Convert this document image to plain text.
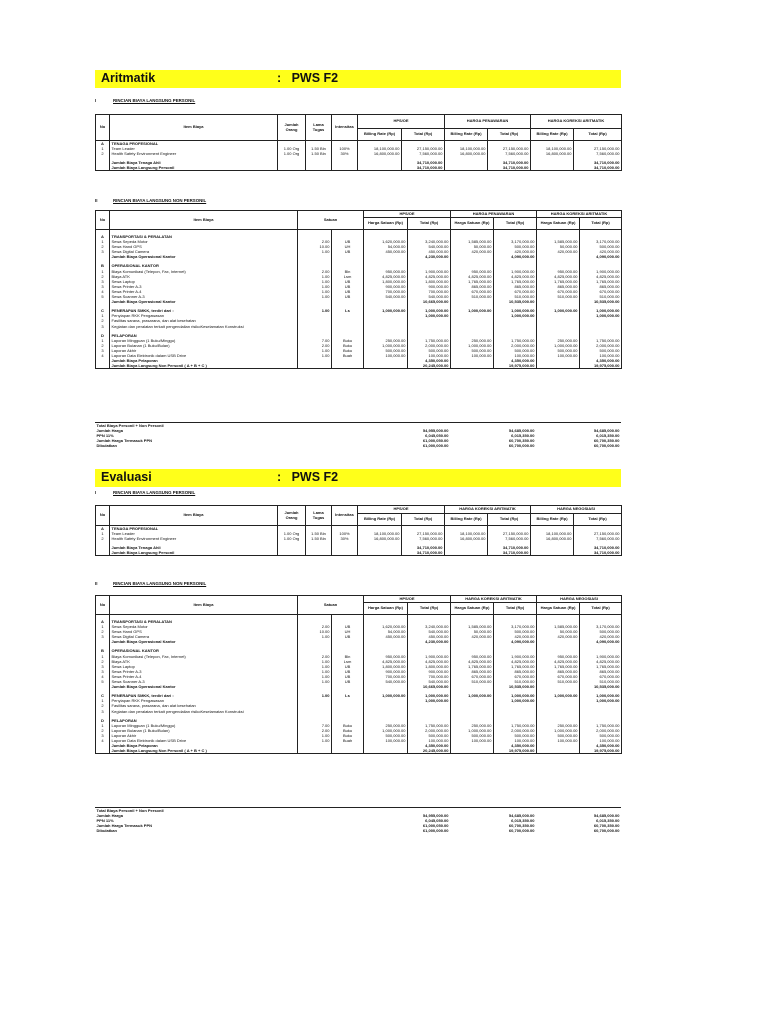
Aritmatik	: PWS F2
I	RINCIAN BIAYA LANGSUNG PERSONIL
No	Item Biaya	Jumlah Orang	Lama Tugas	Intensitas	HPS/OE		HARGA PENAWARAN		HARGA KOREKSI ARITMATIK	
					Billing Rate (Rp)	Total (Rp)	Billing Rate (Rp)	Total (Rp)	Billing Rate (Rp)	Total (Rp)
A	TENAGA PROFESIONAL									
1	Team Leader	1.00 Org	1.50 Bln	100%	18,100,000.00	27,150,000.00	18,100,000.00	27,150,000.00	18,100,000.00	27,150,000.00
2	Health Safety Environment Engineer	1.00 Org	1.50 Bln	30%	16,800,000.00	7,560,000.00	16,800,000.00	7,560,000.00	16,800,000.00	7,560,000.00

	Jumlah Biaya Tenaga Ahli					34,710,000.00		34,710,000.00		34,710,000.00
	Jumlah Biaya Langsung Personil					34,710,000.00		34,710,000.00		34,710,000.00
II	RINCIAN BIAYA LANGSUNG NON PERSONIL
No	Item Biaya	Satuan		HPS/OE		HARGA PENAWARAN		HARGA KOREKSI ARITMATIK	
				Harga Satuan (Rp)	Total (Rp)	Harga Satuan (Rp)	Total (Rp)	Harga Satuan (Rp)	Total (Rp)

A	TRANSPORTASI & PERALATAN								
1	Sewa Sepeda Motor	2.00	UB	1,620,000.00	3,240,000.00	1,585,000.00	3,170,000.00	1,585,000.00	3,170,000.00
2	Sewa Hand GPS	10.00	UH	54,000.00	540,000.00	50,000.00	500,000.00	50,000.00	500,000.00
3	Sewa Digital Camera	1.00	UB	450,000.00	450,000.00	420,000.00	420,000.00	420,000.00	420,000.00
	Jumlah Biaya Operasional Kantor				4,230,000.00		4,090,000.00		4,090,000.00

B	OPERASIONAL KANTOR								
1	Biaya Komunikasi (Telepon, Fax, Internet)	2.00	Bln	950,000.00	1,900,000.00	950,000.00	1,900,000.00	950,000.00	1,900,000.00
2	Biaya ATK	1.00	Lsm	4,825,000.00	4,825,000.00	4,825,000.00	4,825,000.00	4,825,000.00	4,825,000.00
3	Sewa Laptop	1.00	UB	1,800,000.00	1,800,000.00	1,765,000.00	1,765,000.00	1,765,000.00	1,765,000.00
3	Sewa Printer A-3	1.00	UB	900,000.00	900,000.00	865,000.00	865,000.00	865,000.00	865,000.00
4	Sewa Printer A-4	1.00	UB	700,000.00	700,000.00	670,000.00	670,000.00	670,000.00	670,000.00
5	Sewa Scanner A-3	1.00	UB	540,000.00	540,000.00	510,000.00	510,000.00	510,000.00	510,000.00
	Jumlah Biaya Operasional Kantor				10,665,000.00		10,535,000.00		10,535,000.00

C	PENERAPAN SMKK, terdiri dari :	1.00	Ls	1,000,000.00	1,000,000.00	1,000,000.00	1,000,000.00	1,000,000.00	1,000,000.00
1	Penyiapan RKK Pengawasan				1,000,000.00		1,000,000.00		1,000,000.00
2	Fasilitas sarana, prasarana, dan alat kesehatan								
3	Kegiatan dan peralatan terkait pengendalian risikoKeselamatan Konstruksi								

D	PELAPORAN								
1	Laporan Mingguan (1 Buku/Minggu)	7.00	Buku	250,000.00	1,750,000.00	250,000.00	1,750,000.00	250,000.00	1,750,000.00
2	Laporan Bulanan (1 Buku/Bulan)	2.00	Buku	1,000,000.00	2,000,000.00	1,000,000.00	2,000,000.00	1,000,000.00	2,000,000.00
3	Laporan Akhir	1.00	Buku	500,000.00	500,000.00	500,000.00	500,000.00	500,000.00	500,000.00
4	Laporan Data Elektronik dalam USB Drive	1.00	Buah	100,000.00	100,000.00	100,000.00	100,000.00	100,000.00	100,000.00
	Jumlah Biaya Pelaporan				4,350,000.00		4,350,000.00		4,350,000.00
	Jumlah Biaya Langsung Non Personil ( A + B + C )				20,245,000.00		19,975,000.00		19,975,000.00
Total Biaya Personil + Non Personil						
Jumlah Harga		54,955,000.00		54,685,000.00		54,685,000.00
PPN 11%		6,045,050.00		6,015,350.00		6,015,350.00
Jumlah Harga Termasuk PPN		61,000,050.00		60,700,350.00		60,700,350.00
Dibulatkan		61,000,000.00		60,700,000.00		60,700,000.00
Evaluasi	: PWS F2
I	RINCIAN BIAYA LANGSUNG PERSONIL
No	Item Biaya	Jumlah Orang	Lama Tugas	Intensitas	HPS/OE		HARGA KOREKSI ARITMATIK		HARGA NEGOSIASI	
					Billing Rate (Rp)	Total (Rp)	Billing Rate (Rp)	Total (Rp)	Billing Rate (Rp)	Total (Rp)
A	TENAGA PROFESIONAL									
1	Team Leader	1.00 Org	1.50 Bln	100%	18,100,000.00	27,150,000.00	18,100,000.00	27,150,000.00	18,100,000.00	27,150,000.00
2	Health Safety Environment Engineer	1.00 Org	1.50 Bln	30%	16,800,000.00	7,560,000.00	16,800,000.00	7,560,000.00	16,800,000.00	7,560,000.00

	Jumlah Biaya Tenaga Ahli					34,710,000.00		34,710,000.00		34,710,000.00
	Jumlah Biaya Langsung Personil					34,710,000.00		34,710,000.00		34,710,000.00
II	RINCIAN BIAYA LANGSUNG NON PERSONIL
No	Item Biaya	Satuan		HPS/OE		HARGA KOREKSI ARITMATIK		HARGA NEGOSIASI	
				Harga Satuan (Rp)	Total (Rp)	Harga Satuan (Rp)	Total (Rp)	Harga Satuan (Rp)	Total (Rp)

A	TRANSPORTASI & PERALATAN								
1	Sewa Sepeda Motor	2.00	UB	1,620,000.00	3,240,000.00	1,585,000.00	3,170,000.00	1,585,000.00	3,170,000.00
2	Sewa Hand GPS	10.00	UH	54,000.00	540,000.00	50,000.00	500,000.00	50,000.00	500,000.00
3	Sewa Digital Camera	1.00	UB	450,000.00	450,000.00	420,000.00	420,000.00	420,000.00	420,000.00
	Jumlah Biaya Operasional Kantor				4,230,000.00		4,090,000.00		4,090,000.00

B	OPERASIONAL KANTOR								
1	Biaya Komunikasi (Telepon, Fax, Internet)	2.00	Bln	950,000.00	1,900,000.00	950,000.00	1,900,000.00	950,000.00	1,900,000.00
2	Biaya ATK	1.00	Lsm	4,825,000.00	4,825,000.00	4,825,000.00	4,825,000.00	4,825,000.00	4,825,000.00
3	Sewa Laptop	1.00	UB	1,800,000.00	1,800,000.00	1,765,000.00	1,765,000.00	1,765,000.00	1,765,000.00
3	Sewa Printer A-3	1.00	UB	900,000.00	900,000.00	865,000.00	865,000.00	865,000.00	865,000.00
4	Sewa Printer A-4	1.00	UB	700,000.00	700,000.00	670,000.00	670,000.00	670,000.00	670,000.00
5	Sewa Scanner A-3	1.00	UB	540,000.00	540,000.00	510,000.00	510,000.00	510,000.00	510,000.00
	Jumlah Biaya Operasional Kantor				10,665,000.00		10,535,000.00		10,535,000.00

C	PENERAPAN SMKK, terdiri dari :	1.00	Ls	1,000,000.00	1,000,000.00	1,000,000.00	1,000,000.00	1,000,000.00	1,000,000.00
1	Penyiapan RKK Pengawasan				1,000,000.00		1,000,000.00		1,000,000.00
2	Fasilitas sarana, prasarana, dan alat kesehatan								
3	Kegiatan dan peralatan terkait pengendalian risikoKeselamatan Konstruksi								

D	PELAPORAN								
1	Laporan Mingguan (1 Buku/Minggu)	7.00	Buku	250,000.00	1,750,000.00	250,000.00	1,750,000.00	250,000.00	1,750,000.00
2	Laporan Bulanan (1 Buku/Bulan)	2.00	Buku	1,000,000.00	2,000,000.00	1,000,000.00	2,000,000.00	1,000,000.00	2,000,000.00
3	Laporan Akhir	1.00	Buku	500,000.00	500,000.00	500,000.00	500,000.00	500,000.00	500,000.00
4	Laporan Data Elektronik dalam USB Drive	1.00	Buah	100,000.00	100,000.00	100,000.00	100,000.00	100,000.00	100,000.00
	Jumlah Biaya Pelaporan				4,350,000.00		4,350,000.00		4,350,000.00
	Jumlah Biaya Langsung Non Personil ( A + B + C )				20,245,000.00		19,975,000.00		19,975,000.00
Total Biaya Personil + Non Personil						
Jumlah Harga		54,955,000.00		54,685,000.00		54,685,000.00
PPN 11%		6,045,050.00		6,015,350.00		6,015,350.00
Jumlah Harga Termasuk PPN		61,000,050.00		60,700,350.00		60,700,350.00
Dibulatkan		61,000,000.00		60,700,000.00		60,700,000.00
